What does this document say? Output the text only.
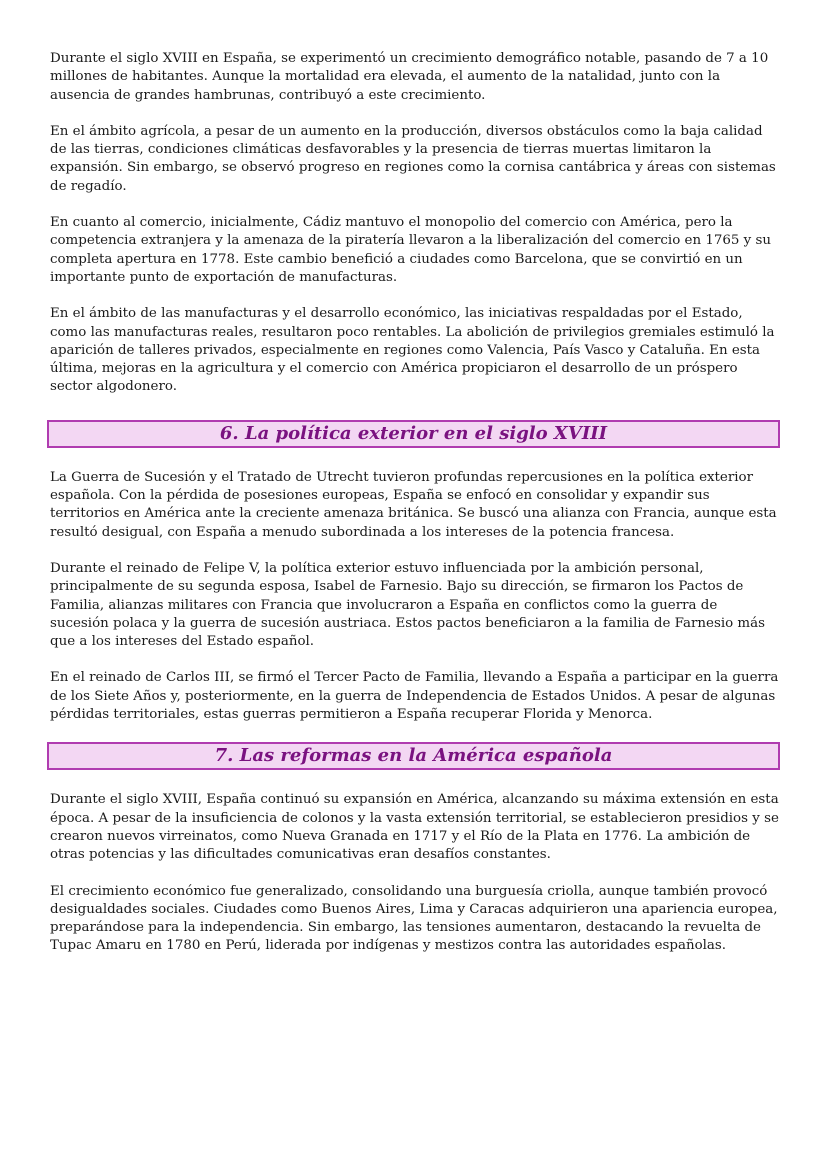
Durante el siglo XVIII en España, se experimentó un crecimiento demográfico notable, pasando de 7 a 10 millones de habitantes. Aunque la mortalidad era elevada, el aumento de la natalidad, junto con la ausencia de grandes hambrunas, contribuyó a este crecimiento.

En el ámbito agrícola, a pesar de un aumento en la producción, diversos obstáculos como la baja calidad de las tierras, condiciones climáticas desfavorables y la presencia de tierras muertas limitaron la expansión. Sin embargo, se observó progreso en regiones como la cornisa cantábrica y áreas con sistemas de regadío.

En cuanto al comercio, inicialmente, Cádiz mantuvo el monopolio del comercio con América, pero la competencia extranjera y la amenaza de la piratería llevaron a la liberalización del comercio en 1765 y su completa apertura en 1778. Este cambio benefició a ciudades como Barcelona, que se convirtió en un importante punto de exportación de manufacturas.

En el ámbito de las manufacturas y el desarrollo económico, las iniciativas respaldadas por el Estado, como las manufacturas reales, resultaron poco rentables. La abolición de privilegios gremiales estimuló la aparición de talleres privados, especialmente en regiones como Valencia, País Vasco y Cataluña. En esta última, mejoras en la agricultura y el comercio con América propiciaron el desarrollo de un próspero sector algodonero.

6. La política exterior en el siglo XVIII

La Guerra de Sucesión y el Tratado de Utrecht tuvieron profundas repercusiones en la política exterior española. Con la pérdida de posesiones europeas, España se enfocó en consolidar y expandir sus territorios en América ante la creciente amenaza británica. Se buscó una alianza con Francia, aunque esta resultó desigual, con España a menudo subordinada a los intereses de la potencia francesa.

Durante el reinado de Felipe V, la política exterior estuvo influenciada por la ambición personal, principalmente de su segunda esposa, Isabel de Farnesio. Bajo su dirección, se firmaron los Pactos de Familia, alianzas militares con Francia que involucraron a España en conflictos como la guerra de sucesión polaca y la guerra de sucesión austriaca. Estos pactos beneficiaron a la familia de Farnesio más que a los intereses del Estado español.

En el reinado de Carlos III, se firmó el Tercer Pacto de Familia, llevando a España a participar en la guerra de los Siete Años y, posteriormente, en la guerra de Independencia de Estados Unidos. A pesar de algunas pérdidas territoriales, estas guerras permitieron a España recuperar Florida y Menorca.

7. Las reformas en la América española

Durante el siglo XVIII, España continuó su expansión en América, alcanzando su máxima extensión en esta época. A pesar de la insuficiencia de colonos y la vasta extensión territorial, se establecieron presidios y se crearon nuevos virreinatos, como Nueva Granada en 1717 y el Río de la Plata en 1776. La ambición de otras potencias y las dificultades comunicativas eran desafíos constantes.

El crecimiento económico fue generalizado, consolidando una burguesía criolla, aunque también provocó desigualdades sociales. Ciudades como Buenos Aires, Lima y Caracas adquirieron una apariencia europea, preparándose para la independencia. Sin embargo, las tensiones aumentaron, destacando la revuelta de Tupac Amaru en 1780 en Perú, liderada por indígenas y mestizos contra las autoridades españolas.
